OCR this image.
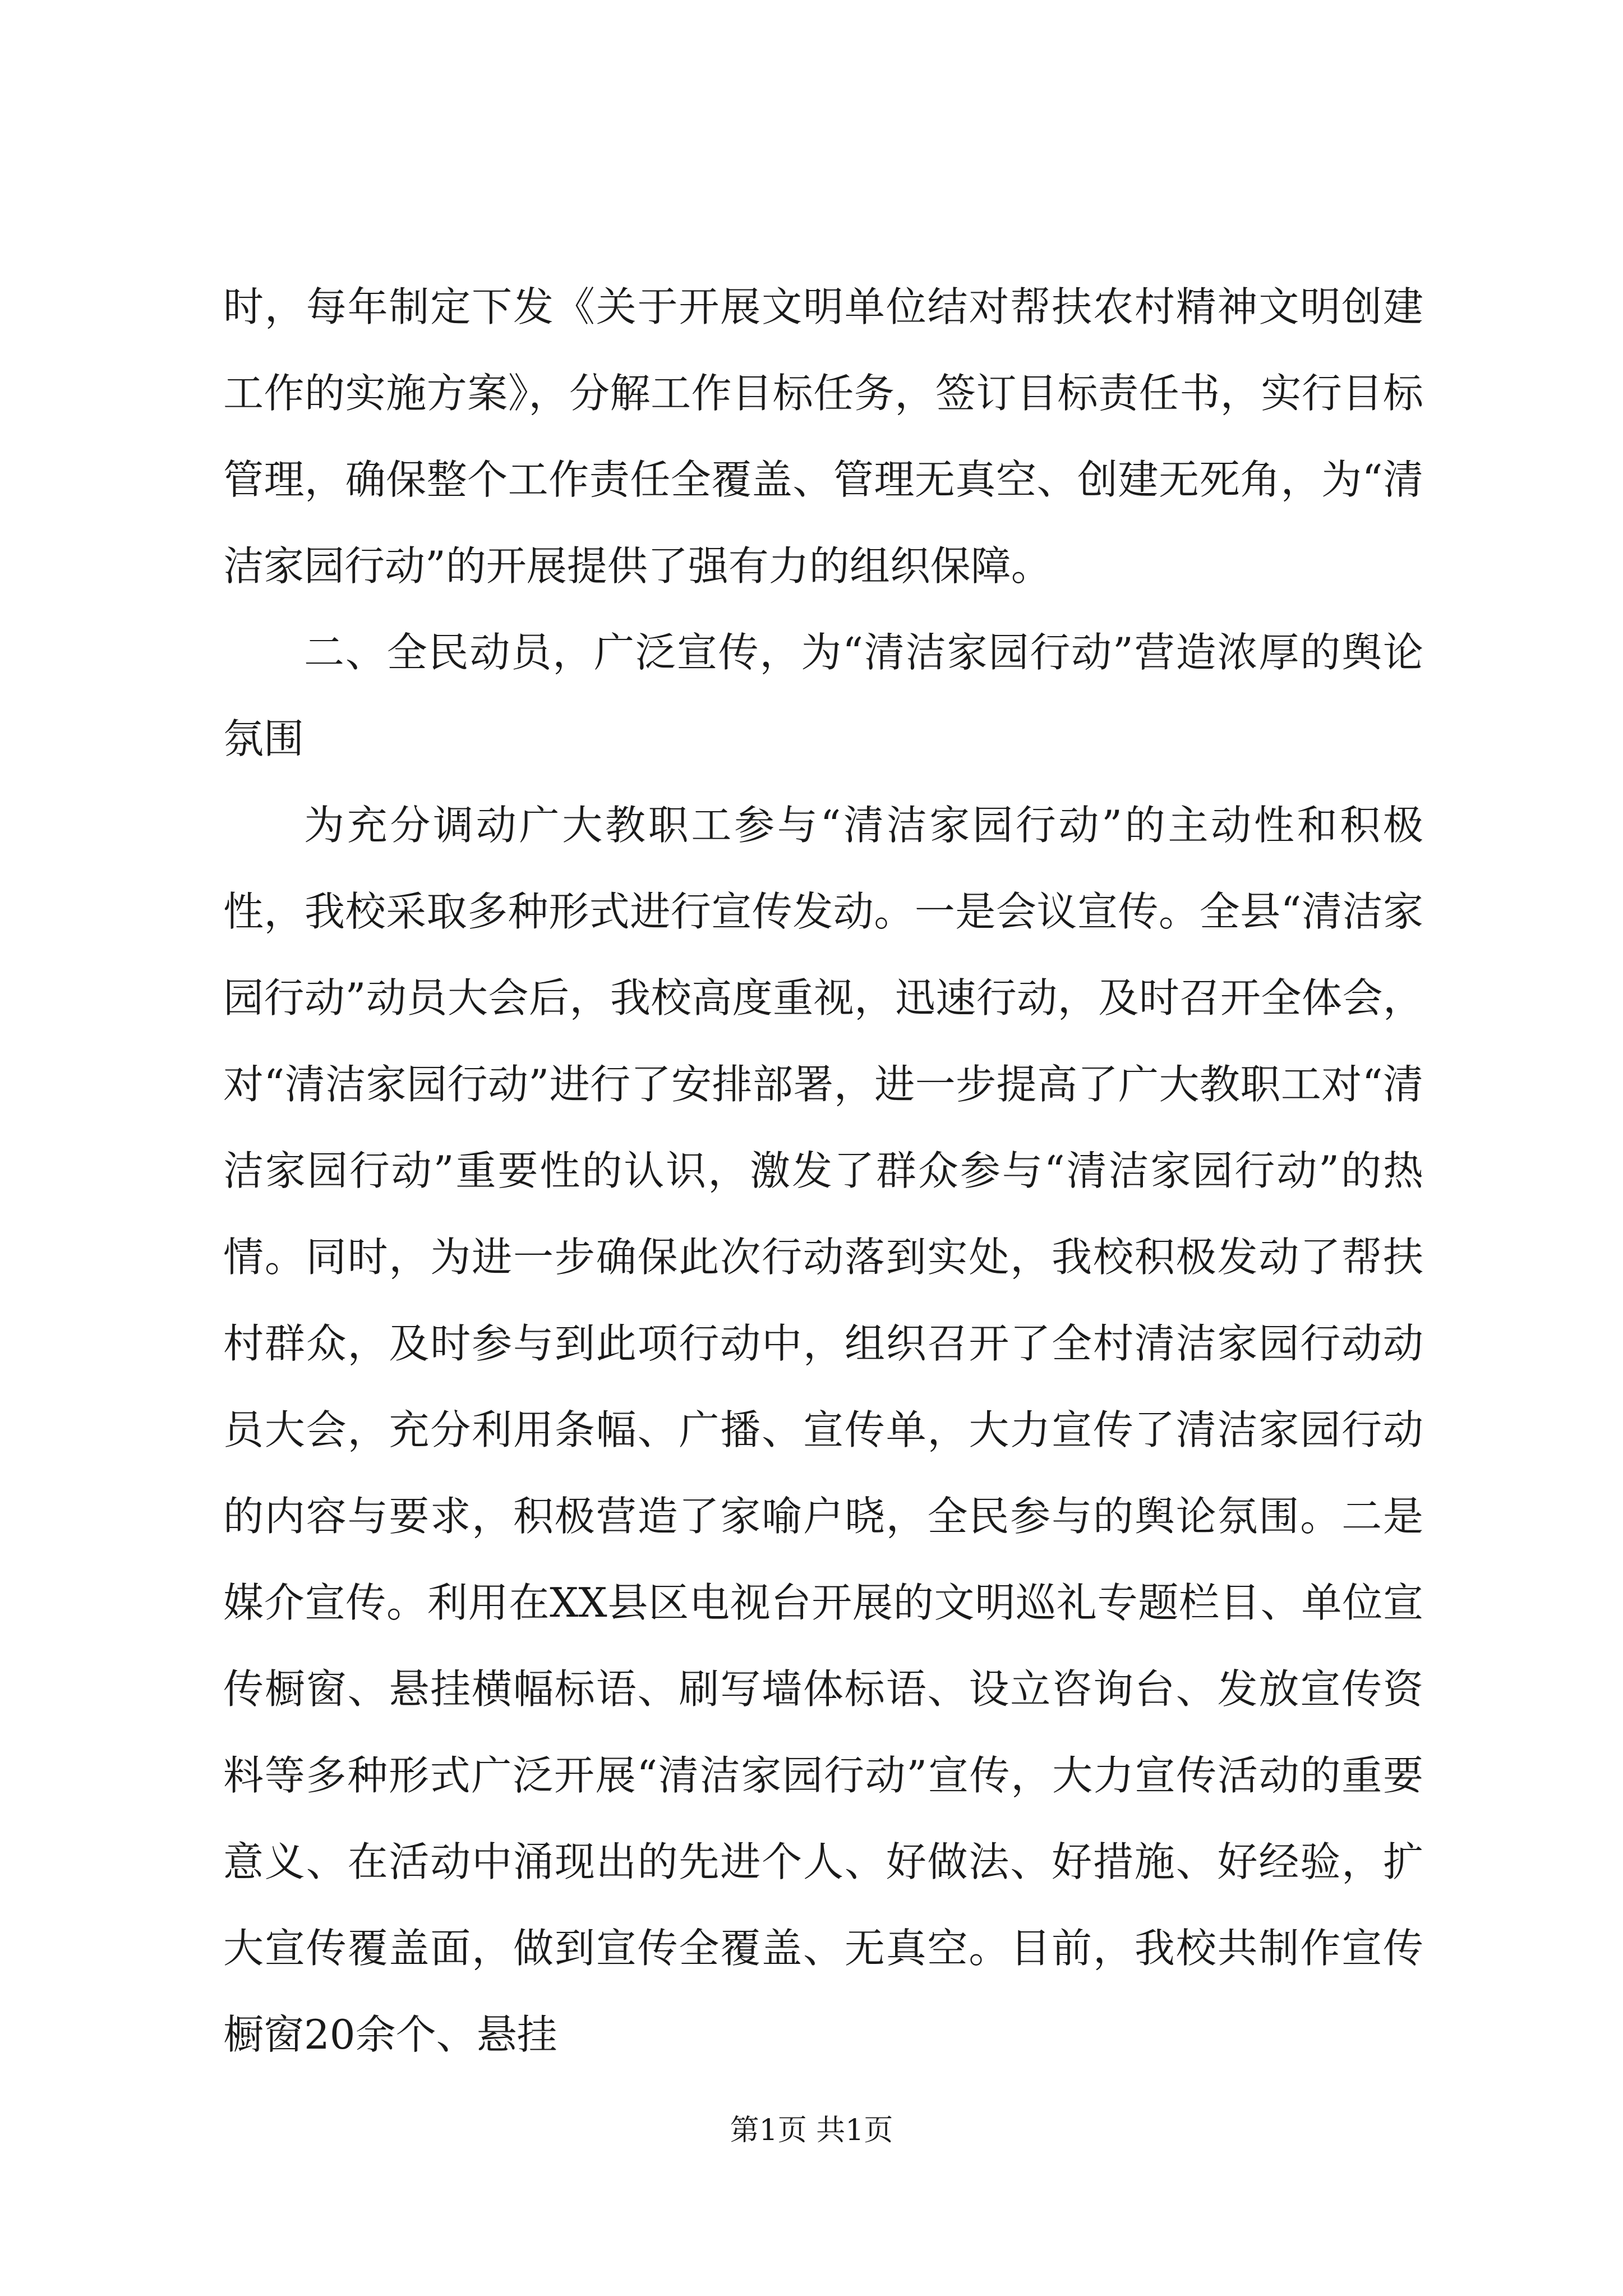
时，每年制定下发《关于开展文明单位结对帮扶农村精神文明创建工作的实施方案》，分解工作目标任务，签订目标责任书，实行目标管理，确保整个工作责任全覆盖、管理无真空、创建无死角，为“清洁家园行动”的开展提供了强有力的组织保障。

二、全民动员，广泛宣传，为“清洁家园行动”营造浓厚的舆论氛围

为充分调动广大教职工参与“清洁家园行动”的主动性和积极性，我校采取多种形式进行宣传发动。一是会议宣传。全县“清洁家园行动”动员大会后，我校高度重视，迅速行动，及时召开全体会，对“清洁家园行动”进行了安排部署，进一步提高了广大教职工对“清洁家园行动”重要性的认识，激发了群众参与“清洁家园行动”的热情。同时，为进一步确保此次行动落到实处，我校积极发动了帮扶村群众，及时参与到此项行动中，组织召开了全村清洁家园行动动员大会，充分利用条幅、广播、宣传单，大力宣传了清洁家园行动的内容与要求，积极营造了家喻户晓，全民参与的舆论氛围。二是媒介宣传。利用在XX县区电视台开展的文明巡礼专题栏目、单位宣传橱窗、悬挂横幅标语、刷写墙体标语、设立咨询台、发放宣传资料等多种形式广泛开展“清洁家园行动”宣传，大力宣传活动的重要意义、在活动中涌现出的先进个人、好做法、好措施、好经验，扩大宣传覆盖面，做到宣传全覆盖、无真空。目前，我校共制作宣传橱窗20余个、悬挂

第1页 共1页
